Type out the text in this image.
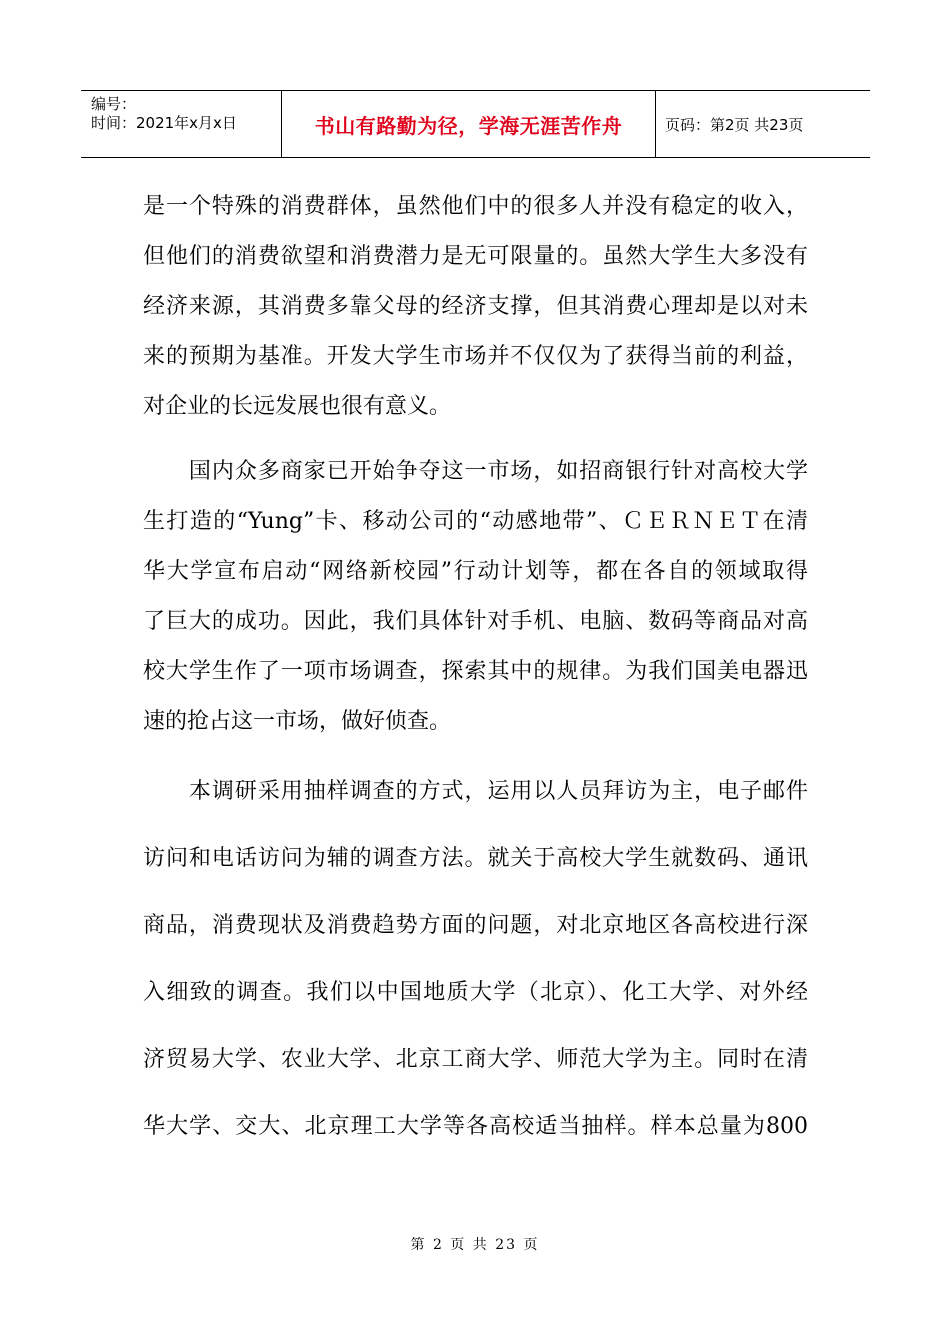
编号：
时间：2021年x月x日	书山有路勤为径，学海无涯苦作舟	页码：第2页 共23页
是一个特殊的消费群体，虽然他们中的很多人并没有稳定的收入，
但他们的消费欲望和消费潜力是无可限量的。虽然大学生大多没有
经济来源，其消费多靠父母的经济支撑，但其消费心理却是以对未
来的预期为基准。开发大学生市场并不仅仅为了获得当前的利益，
对企业的长远发展也很有意义。
　　国内众多商家已开始争夺这一市场，如招商银行针对高校大学
生打造的“Yung”卡、移动公司的“动感地带”、ＣＥＲＮＥＴ在清
华大学宣布启动“网络新校园”行动计划等，都在各自的领域取得
了巨大的成功。因此，我们具体针对手机、电脑、数码等商品对高
校大学生作了一项市场调查，探索其中的规律。为我们国美电器迅
速的抢占这一市场，做好侦查。
　　本调研采用抽样调查的方式，运用以人员拜访为主，电子邮件
访问和电话访问为辅的调查方法。就关于高校大学生就数码、通讯
商品，消费现状及消费趋势方面的问题，对北京地区各高校进行深
入细致的调查。我们以中国地质大学（北京）、化工大学、对外经
济贸易大学、农业大学、北京工商大学、师范大学为主。同时在清
华大学、交大、北京理工大学等各高校适当抽样。样本总量为800
第 2 页 共 23 页
